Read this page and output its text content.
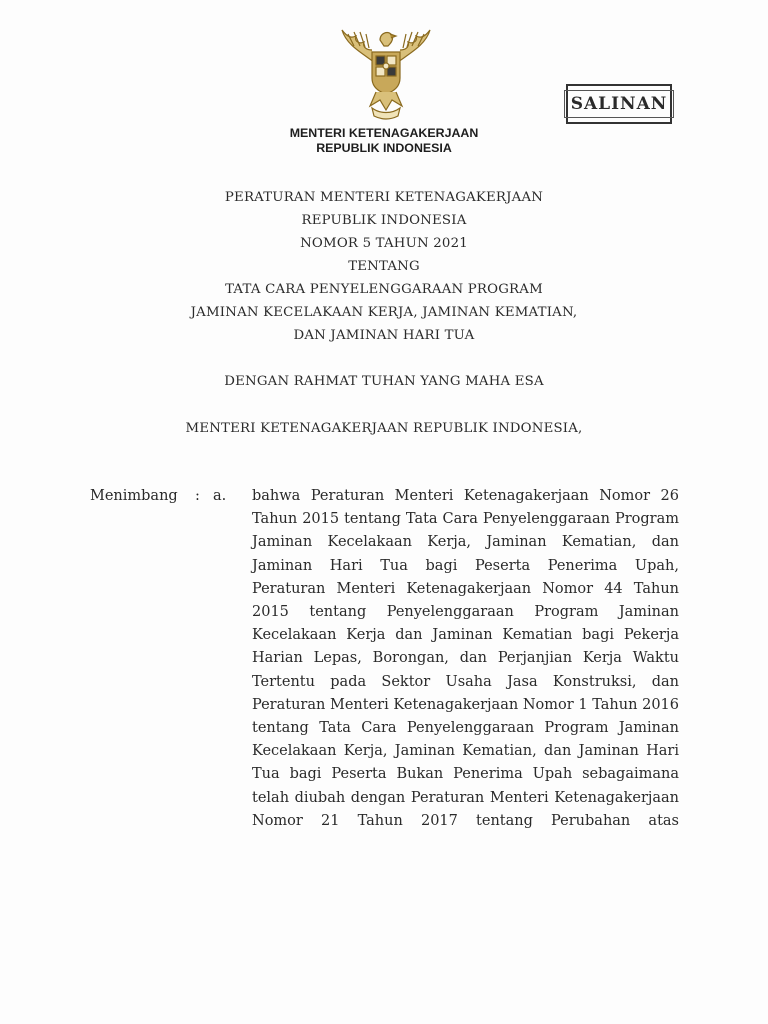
SALINAN
MENTERI KETENAGAKERJAAN
REPUBLIK INDONESIA
PERATURAN MENTERI KETENAGAKERJAAN
REPUBLIK INDONESIA
NOMOR 5 TAHUN 2021
TENTANG
TATA CARA PENYELENGGARAAN PROGRAM
JAMINAN KECELAKAAN KERJA, JAMINAN KEMATIAN,
DAN JAMINAN HARI TUA
DENGAN RAHMAT TUHAN YANG MAHA ESA
MENTERI KETENAGAKERJAAN REPUBLIK INDONESIA,
Menimbang : a. bahwa Peraturan Menteri Ketenagakerjaan Nomor 26
Tahun 2015 tentang Tata Cara Penyelenggaraan Program
Jaminan Kecelakaan Kerja, Jaminan Kematian, dan
Jaminan Hari Tua bagi Peserta Penerima Upah,
Peraturan Menteri Ketenagakerjaan Nomor 44 Tahun
2015 tentang Penyelenggaraan Program Jaminan
Kecelakaan Kerja dan Jaminan Kematian bagi Pekerja
Harian Lepas, Borongan, dan Perjanjian Kerja Waktu
Tertentu pada Sektor Usaha Jasa Konstruksi, dan
Peraturan Menteri Ketenagakerjaan Nomor 1 Tahun 2016
tentang Tata Cara Penyelenggaraan Program Jaminan
Kecelakaan Kerja, Jaminan Kematian, dan Jaminan Hari
Tua bagi Peserta Bukan Penerima Upah sebagaimana
telah diubah dengan Peraturan Menteri Ketenagakerjaan
Nomor 21 Tahun 2017 tentang Perubahan atas
